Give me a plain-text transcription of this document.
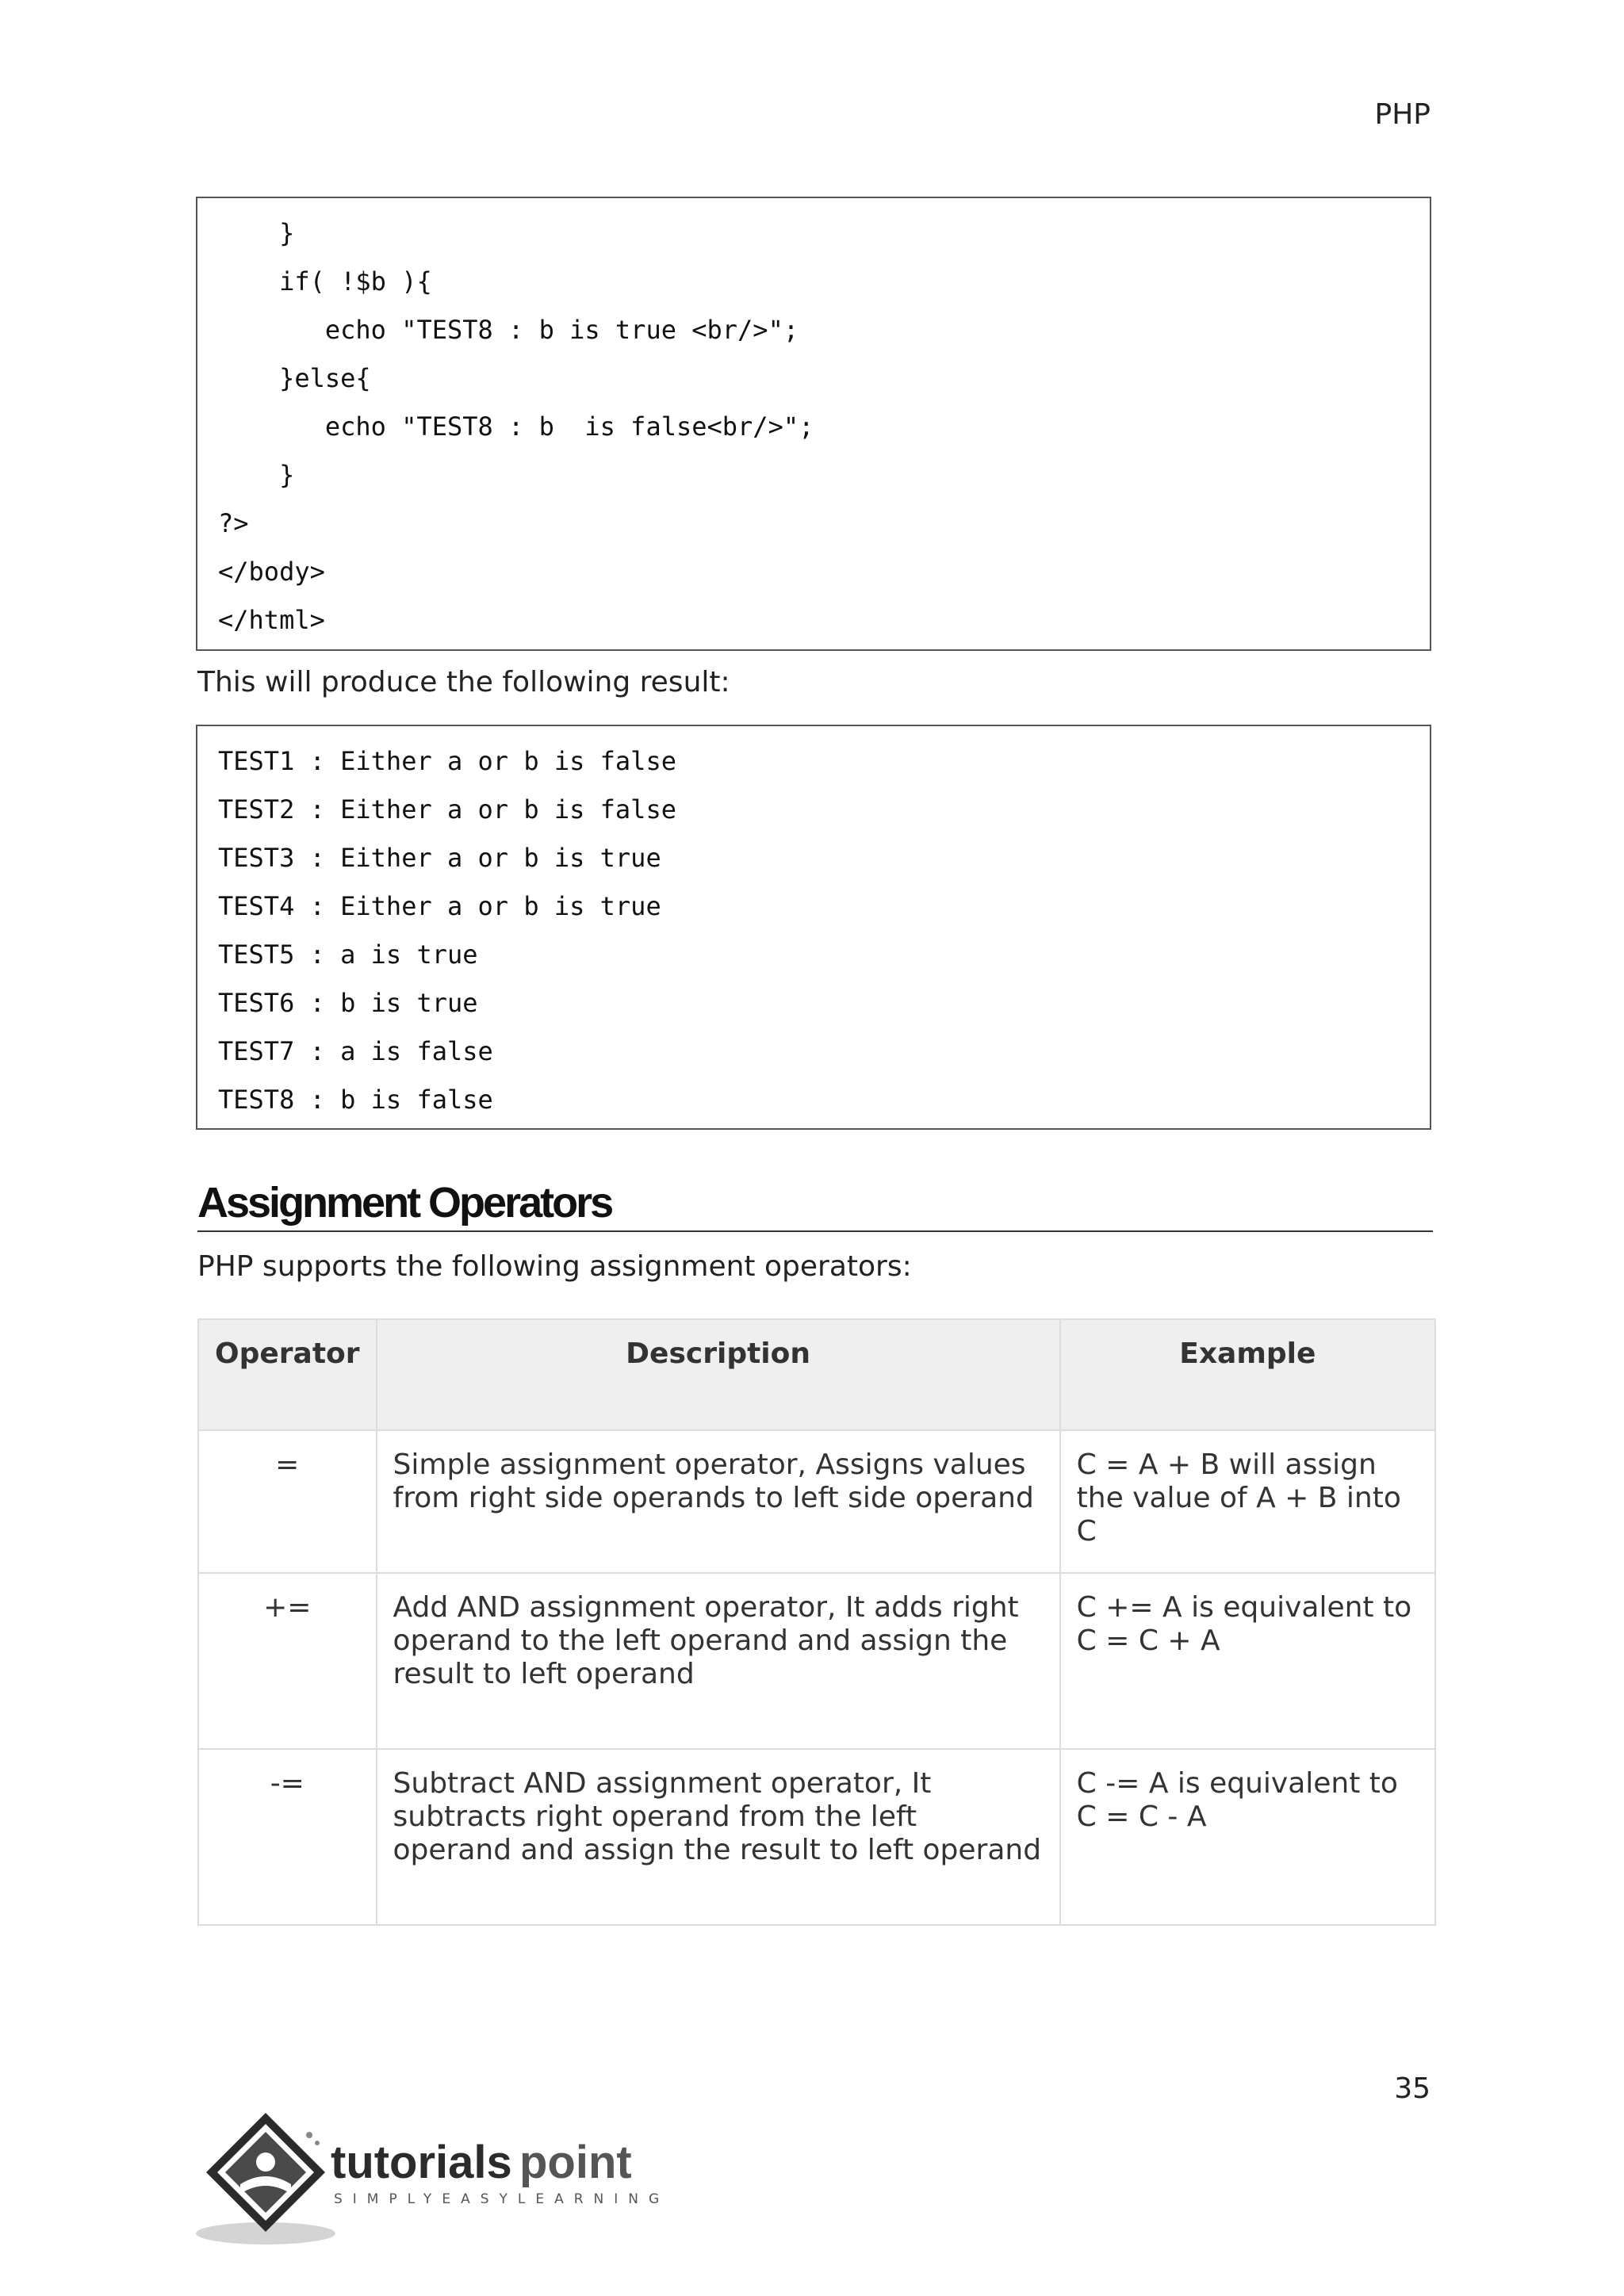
PHP
}
if( !$b ){
echo "TEST8 : b is true <br/>";
}else{
echo "TEST8 : b  is false<br/>";
}
?>
</body>
</html>
This will produce the following result:
TEST1 : Either a or b is false
TEST2 : Either a or b is false
TEST3 : Either a or b is true
TEST4 : Either a or b is true
TEST5 : a is true
TEST6 : b is true
TEST7 : a is false
TEST8 : b is false
Assignment Operators
PHP supports the following assignment operators:
Operator	Description	Example
=	Simple assignment operator, Assigns values from right side operands to left side operand	C = A + B will assign the value of A + B into C
+=	Add AND assignment operator, It adds right operand to the left operand and assign the result to left operand	C += A is equivalent to C = C + A
-=	Subtract AND assignment operator, It subtracts right operand from the left operand and assign the result to left operand	C -= A is equivalent to C = C - A
35
tutorials point
SIMPLYEASYLEARNING
